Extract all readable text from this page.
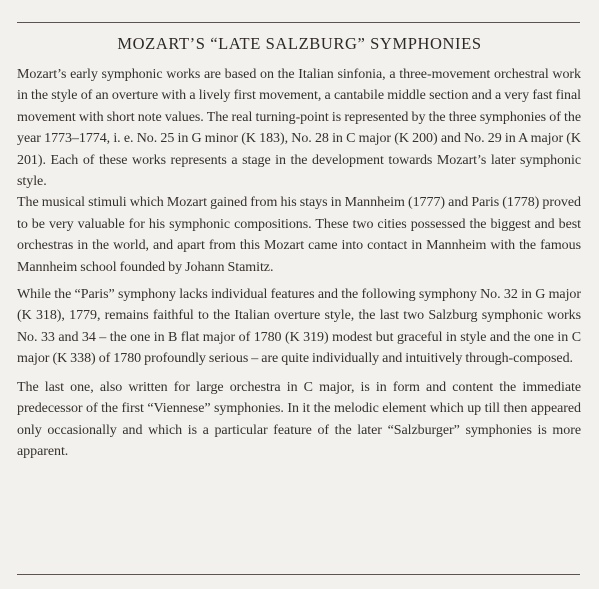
MOZART’S “LATE SALZBURG” SYMPHONIES

Mozart’s early symphonic works are based on the Italian sinfonia, a three-movement orchestral work in the style of an overture with a lively first movement, a cantabile middle section and a very fast final movement with short note values. The real turning-point is represented by the three symphonies of the year 1773–1774, i. e. No. 25 in G minor (K 183), No. 28 in C major (K 200) and No. 29 in A major (K 201). Each of these works represents a stage in the development towards Mozart’s later symphonic style.

The musical stimuli which Mozart gained from his stays in Mannheim (1777) and Paris (1778) proved to be very valuable for his symphonic compositions. These two cities possessed the biggest and best orchestras in the world, and apart from this Mozart came into contact in Mannheim with the famous Mannheim school founded by Johann Stamitz.

While the “Paris” symphony lacks individual features and the following symphony No. 32 in G major (K 318), 1779, remains faithful to the Italian overture style, the last two Salzburg symphonic works No. 33 and 34 – the one in B flat major of 1780 (K 319) modest but graceful in style and the one in C major (K 338) of 1780 profoundly serious – are quite individually and intuitively through-composed.

The last one, also written for large orchestra in C major, is in form and content the immediate predecessor of the first “Viennese” symphonies. In it the melodic element which up till then appeared only occasionally and which is a particular feature of the later “Salzburger” symphonies is more apparent.
